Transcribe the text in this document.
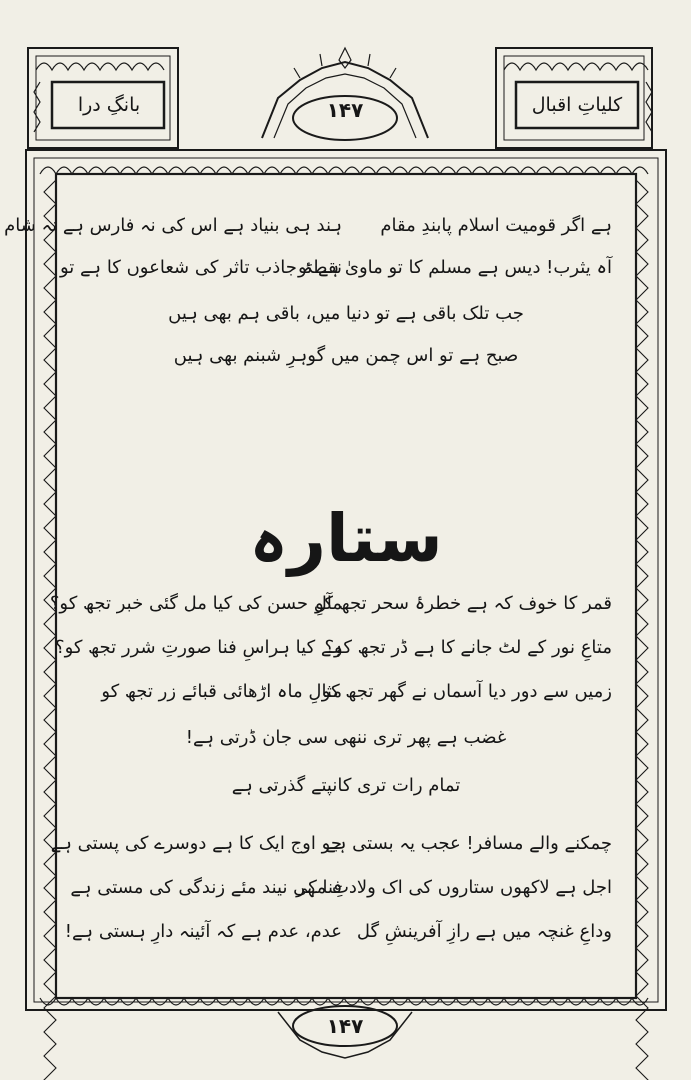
بانگِ درا	کلیاتِ اقبال
۱۴۷
۱۴۷
ہے اگر قومیت اسلام پابندِ مقام
ہند ہی بنیاد ہے اس کی نہ فارس ہے نہ شام
آہ یثرب! دیس ہے مسلم کا تو ماویٰ ہے تو
نقطۂ جاذب تاثر کی شعاعوں کا ہے تو
جب تلک باقی ہے تو دنیا میں، باقی ہم بھی ہیں
صبح ہے تو اس چمن میں گوہرِ شبنم بھی ہیں
ستارہ
قمر کا خوف کہ ہے خطرۂ سحر تجھ کو
مآلِ حسن کی کیا مل گئی خبر تجھ کو؟
متاعِ نور کے لٹ جانے کا ہے ڈر تجھ کو؟
ہے کیا ہراسِ فنا صورتِ شرر تجھ کو؟
زمیں سے دور دیا آسماں نے گھر تجھ کو
مثالِ ماہ اڑھائی قبائے زر تجھ کو
غضب ہے پھر تری ننھی سی جان ڈرتی ہے!
تمام رات تری کانپتے گذرتی ہے
چمکنے والے مسافر! عجب یہ بستی ہے
جو اوج ایک کا ہے دوسرے کی پستی ہے
اجل ہے لاکھوں ستاروں کی اک ولادتِ مہر
فنا کی نیند مئے زندگی کی مستی ہے
وداعِ غنچہ میں ہے رازِ آفرینشِ گل
عدم، عدم ہے کہ آئینہ دارِ ہستی ہے!
